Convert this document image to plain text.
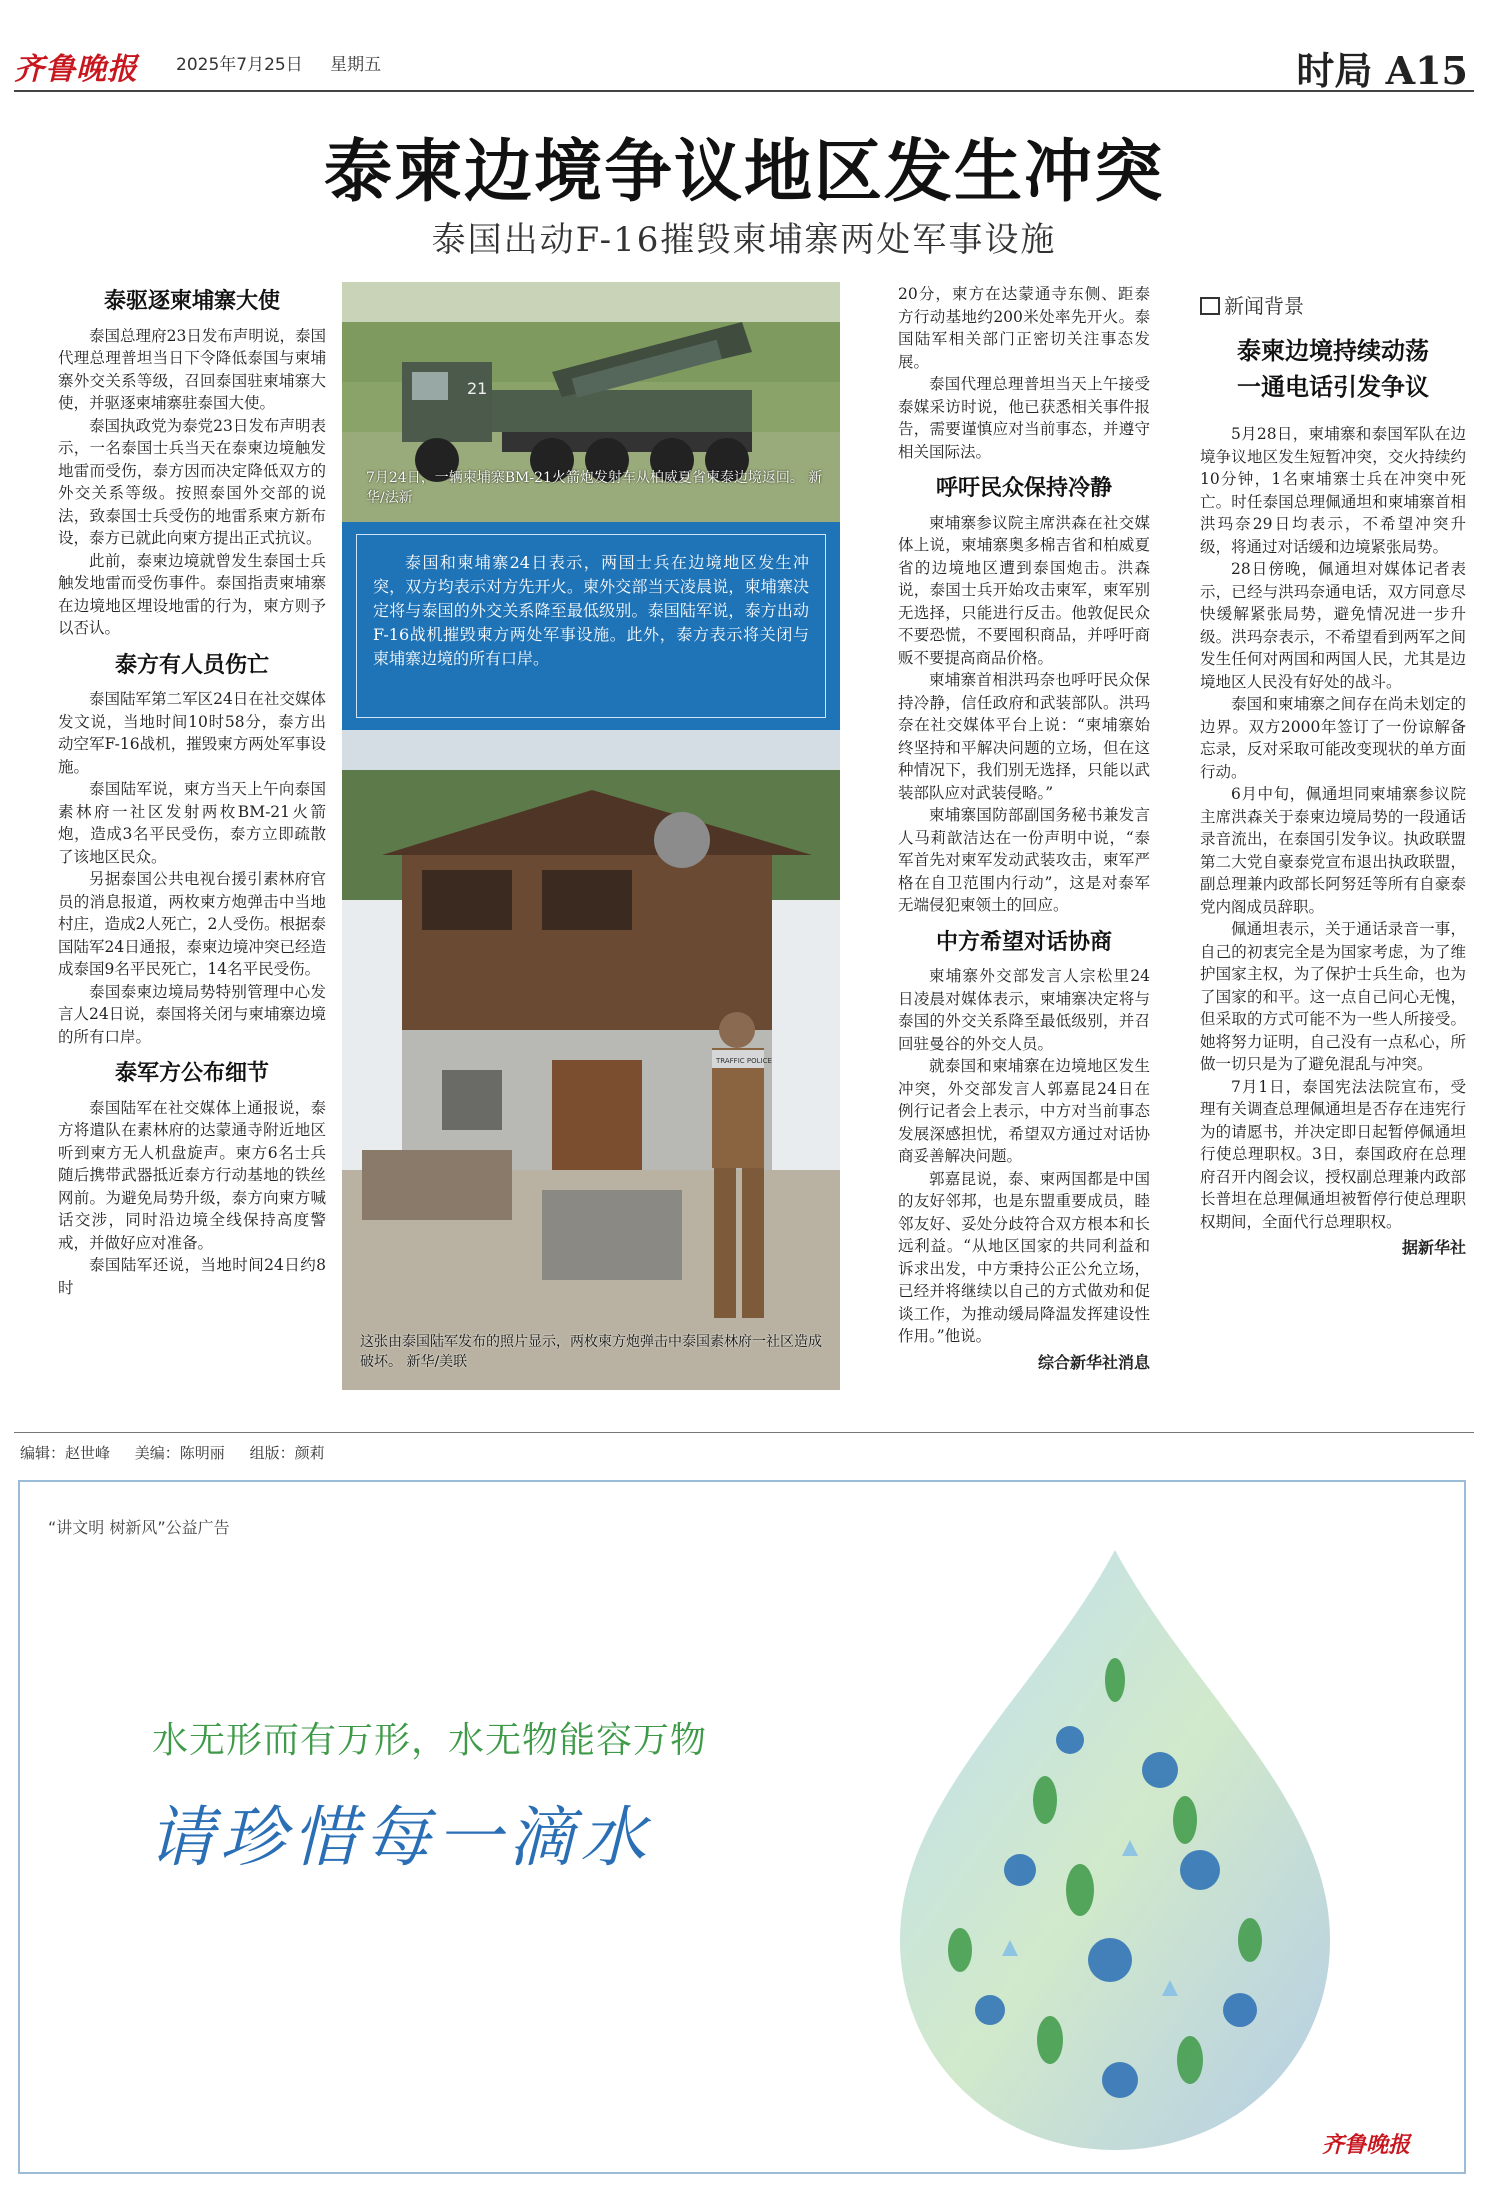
齐鲁晚报 2025年7月25日 星期五	时局 A15
泰柬边境争议地区发生冲突
泰国出动F-16摧毁柬埔寨两处军事设施
泰驱逐柬埔寨大使

泰国总理府23日发布声明说，泰国代理总理普坦当日下令降低泰国与柬埔寨外交关系等级，召回泰国驻柬埔寨大使，并驱逐柬埔寨驻泰国大使。

泰国执政党为泰党23日发布声明表示，一名泰国士兵当天在泰柬边境触发地雷而受伤，泰方因而决定降低双方的外交关系等级。按照泰国外交部的说法，致泰国士兵受伤的地雷系柬方新布设，泰方已就此向柬方提出正式抗议。

此前，泰柬边境就曾发生泰国士兵触发地雷而受伤事件。泰国指责柬埔寨在边境地区埋设地雷的行为，柬方则予以否认。

泰方有人员伤亡

泰国陆军第二军区24日在社交媒体发文说，当地时间10时58分，泰方出动空军F-16战机，摧毁柬方两处军事设施。

泰国陆军说，柬方当天上午向泰国素林府一社区发射两枚BM-21火箭炮，造成3名平民受伤，泰方立即疏散了该地区民众。

另据泰国公共电视台援引素林府官员的消息报道，两枚柬方炮弹击中当地村庄，造成2人死亡，2人受伤。根据泰国陆军24日通报，泰柬边境冲突已经造成泰国9名平民死亡，14名平民受伤。

泰国泰柬边境局势特别管理中心发言人24日说，泰国将关闭与柬埔寨边境的所有口岸。

泰军方公布细节

泰国陆军在社交媒体上通报说，泰方将遣队在素林府的达蒙通寺附近地区听到柬方无人机盘旋声。柬方6名士兵随后携带武器抵近泰方行动基地的铁丝网前。为避免局势升级，泰方向柬方喊话交涉，同时沿边境全线保持高度警戒，并做好应对准备。

泰国陆军还说，当地时间24日约8时

21
7月24日，一辆柬埔寨BM-21火箭炮发射车从柏威夏省柬泰边境返回。 新华/法新

泰国和柬埔寨24日表示，两国士兵在边境地区发生冲突，双方均表示对方先开火。柬外交部当天凌晨说，柬埔寨决定将与泰国的外交关系降至最低级别。泰国陆军说，泰方出动F-16战机摧毁柬方两处军事设施。此外，泰方表示将关闭与柬埔寨边境的所有口岸。

TRAFFIC POLICE
这张由泰国陆军发布的照片显示，两枚柬方炮弹击中泰国素林府一社区造成破坏。 新华/美联

20分，柬方在达蒙通寺东侧、距泰方行动基地约200米处率先开火。泰国陆军相关部门正密切关注事态发展。

泰国代理总理普坦当天上午接受泰媒采访时说，他已获悉相关事件报告，需要谨慎应对当前事态，并遵守相关国际法。

呼吁民众保持冷静

柬埔寨参议院主席洪森在社交媒体上说，柬埔寨奥多棉吉省和柏威夏省的边境地区遭到泰国炮击。洪森说，泰国士兵开始攻击柬军，柬军别无选择，只能进行反击。他敦促民众不要恐慌，不要囤积商品，并呼吁商贩不要提高商品价格。

柬埔寨首相洪玛奈也呼吁民众保持冷静，信任政府和武装部队。洪玛奈在社交媒体平台上说：“柬埔寨始终坚持和平解决问题的立场，但在这种情况下，我们别无选择，只能以武装部队应对武装侵略。”

柬埔寨国防部副国务秘书兼发言人马莉歆洁达在一份声明中说，“泰军首先对柬军发动武装攻击，柬军严格在自卫范围内行动”，这是对泰军无端侵犯柬领土的回应。

中方希望对话协商

柬埔寨外交部发言人宗松里24日凌晨对媒体表示，柬埔寨决定将与泰国的外交关系降至最低级别，并召回驻曼谷的外交人员。

就泰国和柬埔寨在边境地区发生冲突，外交部发言人郭嘉昆24日在例行记者会上表示，中方对当前事态发展深感担忧，希望双方通过对话协商妥善解决问题。

郭嘉昆说，泰、柬两国都是中国的友好邻邦，也是东盟重要成员，睦邻友好、妥处分歧符合双方根本和长远利益。“从地区国家的共同利益和诉求出发，中方秉持公正公允立场，已经并将继续以自己的方式做劝和促谈工作，为推动缓局降温发挥建设性作用。”他说。

综合新华社消息
新闻背景
泰柬边境持续动荡
一通电话引发争议

5月28日，柬埔寨和泰国军队在边境争议地区发生短暂冲突，交火持续约10分钟，1名柬埔寨士兵在冲突中死亡。时任泰国总理佩通坦和柬埔寨首相洪玛奈29日均表示，不希望冲突升级，将通过对话缓和边境紧张局势。

28日傍晚，佩通坦对媒体记者表示，已经与洪玛奈通电话，双方同意尽快缓解紧张局势，避免情况进一步升级。洪玛奈表示，不希望看到两军之间发生任何对两国和两国人民，尤其是边境地区人民没有好处的战斗。

泰国和柬埔寨之间存在尚未划定的边界。双方2000年签订了一份谅解备忘录，反对采取可能改变现状的单方面行动。

6月中旬，佩通坦同柬埔寨参议院主席洪森关于泰柬边境局势的一段通话录音流出，在泰国引发争议。执政联盟第二大党自豪泰党宣布退出执政联盟，副总理兼内政部长阿努廷等所有自豪泰党内阁成员辞职。

佩通坦表示，关于通话录音一事，自己的初衷完全是为国家考虑，为了维护国家主权，为了保护士兵生命，也为了国家的和平。这一点自己问心无愧，但采取的方式可能不为一些人所接受。她将努力证明，自己没有一点私心，所做一切只是为了避免混乱与冲突。

7月1日，泰国宪法法院宣布，受理有关调查总理佩通坦是否存在违宪行为的请愿书，并决定即日起暂停佩通坦行使总理职权。3日，泰国政府在总理府召开内阁会议，授权副总理兼内政部长普坦在总理佩通坦被暂停行使总理职权期间，全面代行总理职权。

据新华社
编辑：赵世峰 美编：陈明丽 组版：颜莉
“讲文明 树新风”公益广告
水无形而有万形，水无物能容万物
请珍惜每一滴水
齐鲁晚报
